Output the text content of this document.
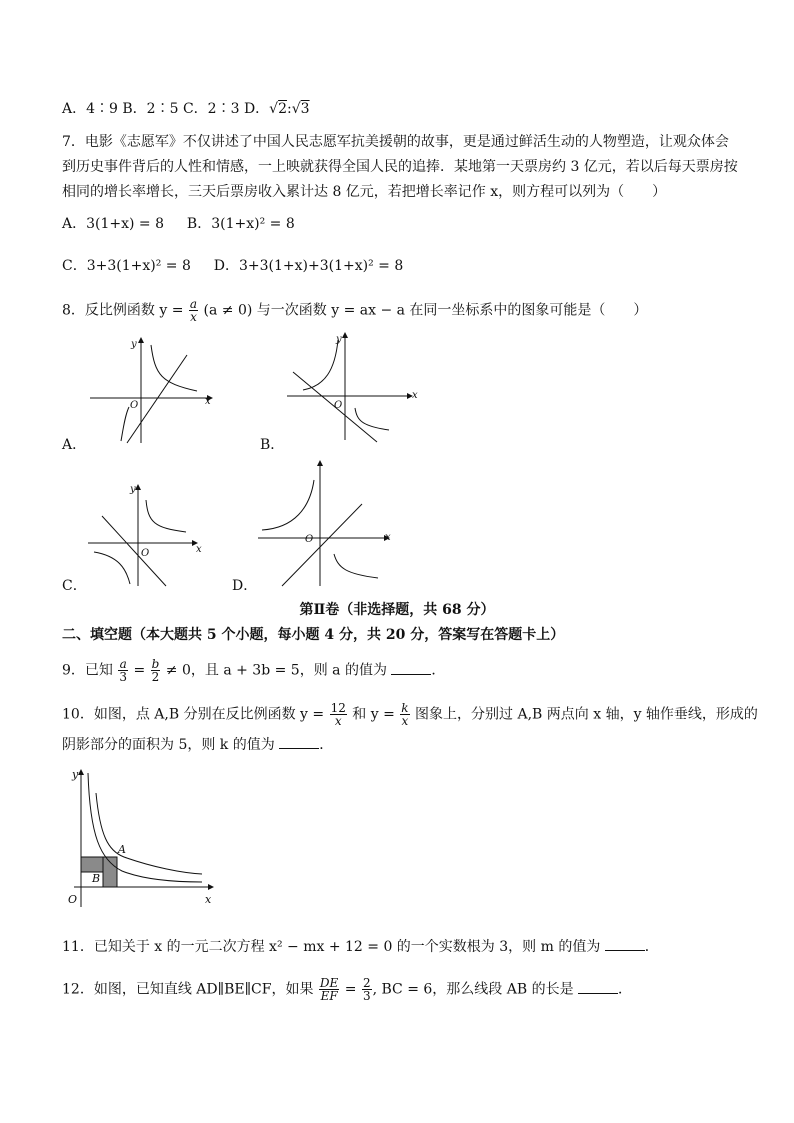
A．4∶9 B．2∶5 C．2∶3 D．√2:√3
7．电影《志愿军》不仅讲述了中国人民志愿军抗美援朝的故事，更是通过鲜活生动的人物塑造，让观众体会
到历史事件背后的人性和情感，一上映就获得全国人民的追捧．某地第一天票房约 3 亿元，若以后每天票房按
相同的增长率增长，三天后票房收入累计达 8 亿元，若把增长率记作 x，则方程可以列为（　　）
A．3(1+x) = 8 B．3(1+x)² = 8
C．3+3(1+x)² = 8 D．3+3(1+x)+3(1+x)² = 8
8．反比例函数 $y = \frac{a}{x} (a \ne 0)$ 与一次函数 y = ax − a 在同一坐标系中的图象可能是（　　）
y
x
O
A．
y
x
O
B．
y
x
O
C．	D．
x
O
第Ⅱ卷（非选择题，共 68 分）
二、填空题（本大题共 5 个小题，每小题 4 分，共 20 分，答案写在答题卡上）
9．已知 $\frac{a}{3} = \frac{b}{2} \ne 0$，且 a + 3b = 5，则 a 的值为	．
10．如图，点 A,B 分别在反比例函数 $y = \frac{12}{x}$ 和 $y = \frac{k}{x}$ 图象上，分别过 A,B 两点向 x 轴，y 轴作垂线，形成的
阴影部分的面积为 5，则 k 的值为	．
y
x
O
A
B
11．已知关于 x 的一元二次方程 x² − mx + 12 = 0 的一个实数根为 3，则 m 的值为	．
12．如图，已知直线 AD∥BE∥CF，如果 $\frac{DE}{EF} = \frac{2}{3}$ , BC = 6，那么线段 AB 的长是	．
